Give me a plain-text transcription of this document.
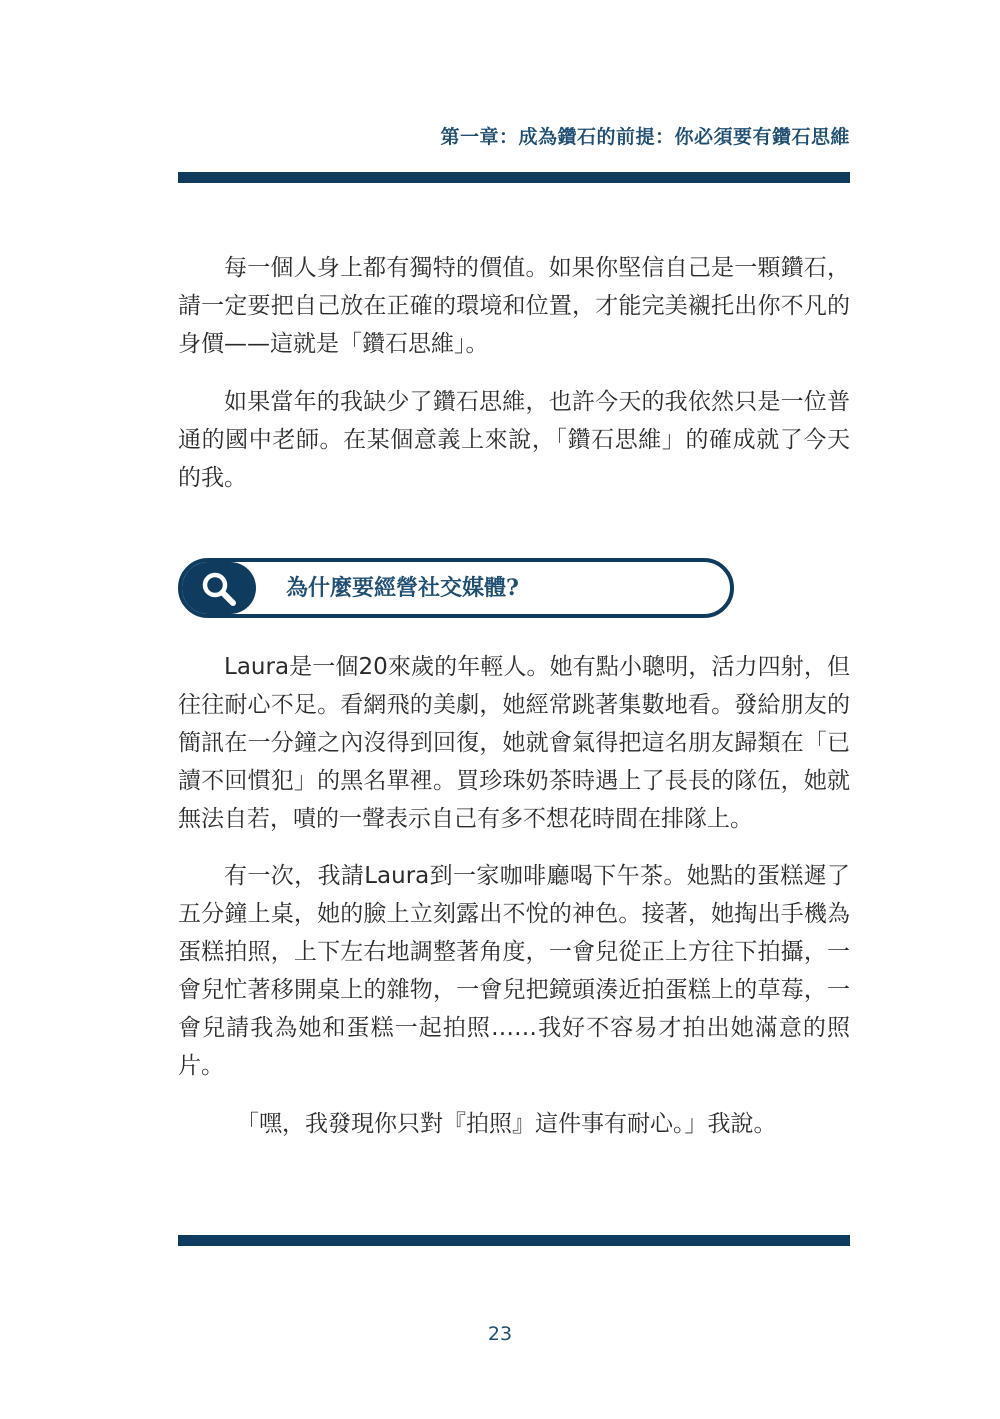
第一章：成為鑽石的前提：你必須要有鑽石思維

每一個人身上都有獨特的價值。如果你堅信自己是一顆鑽石，請一定要把自己放在正確的環境和位置，才能完美襯托出你不凡的身價——這就是「鑽石思維」。

如果當年的我缺少了鑽石思維，也許今天的我依然只是一位普通的國中老師。在某個意義上來說，「鑽石思維」的確成就了今天的我。

為什麼要經營社交媒體?

Laura是一個20來歲的年輕人。她有點小聰明，活力四射，但往往耐心不足。看網飛的美劇，她經常跳著集數地看。發給朋友的簡訊在一分鐘之內沒得到回復，她就會氣得把這名朋友歸類在「已讀不回慣犯」的黑名單裡。買珍珠奶茶時遇上了長長的隊伍，她就無法自若，嘖的一聲表示自己有多不想花時間在排隊上。

有一次，我請Laura到一家咖啡廳喝下午茶。她點的蛋糕遲了五分鐘上桌，她的臉上立刻露出不悅的神色。接著，她掏出手機為蛋糕拍照，上下左右地調整著角度，一會兒從正上方往下拍攝，一會兒忙著移開桌上的雜物，一會兒把鏡頭湊近拍蛋糕上的草莓，一會兒請我為她和蛋糕一起拍照……我好不容易才拍出她滿意的照片。

「嘿，我發現你只對『拍照』這件事有耐心。」我說。

23
